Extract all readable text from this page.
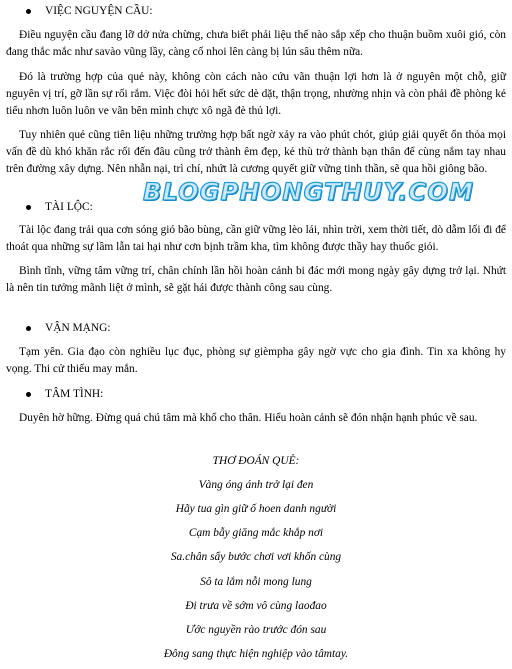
VIỆC NGUYỆN CẦU:
Điều nguyện cầu đang lỡ dở nửa chừng, chưa biết phải liệu thế nào sắp xếp cho thuận buồm xuôi gió, còn đang thắc mắc như savào vũng lầy, càng cố nhoi lên càng bị lún sâu thêm nữa.
Đó là trường hợp của quẻ này, không còn cách nào cứu vãn thuận lợi hơn là ở nguyên một chỗ, giữ nguyên vị trí, gỡ lần sự rối rắm. Việc đòi hỏi hết sức dè dặt, thận trọng, nhường nhịn và còn phải đề phòng kẻ tiểu nhơn luôn luôn ve vãn bên mình chực xô ngã đè thủ lợi.
Tuy nhiên quẻ cũng tiên liệu những trường hợp bất ngờ xảy ra vào phút chót, giúp giải quyết ổn thỏa mọi vấn đề dù khó khăn rắc rối đến đâu cũng trở thành êm đẹp, kẻ thù trở thành bạn thân để cùng nắm tay nhau trên đường xây dựng. Nên nhẫn nại, trì chí, nhứt là cương quyết giữ vững tinh thần, sẽ qua hồi giông bão.
BLOGPHONGTHUY.COM
TÀI LỘC:
Tài lộc đang trải qua cơn sóng gió bão bùng, cần giữ vững lèo lái, nhìn trời, xem thời tiết, dò dẫm lối đi để thoát qua những sự lầm lẫn tai hại như cơn bịnh trầm kha, tìm không được thầy hay thuốc giỏi.
Bình tĩnh, vững tâm vững trí, chân chính lần hồi hoàn cảnh bi đác mới mong ngày gây dựng trở lại. Nhứt là nên tin tưởng mãnh liệt ở mình, sẽ gặt hái được thành công sau cùng.
VẬN MẠNG:
Tạm yên. Gia đạo còn nghiều lục đục, phòng sự gièmpha gây ngờ vực cho gia đình. Tin xa không hy vọng. Thi cử thiếu may mắn.
TÂM TÌNH:
Duyên hờ hững. Đừng quá chú tâm mà khổ cho thân. Hiểu hoàn cảnh sẽ đón nhận hạnh phúc về sau.
THƠ ĐOÁN QUẺ:
Vàng óng ánh trở lại đen
Hãy tua gìn giữ ố hoen danh người
Cạm bẫy giăng mắc khắp nơi
Sa.chân sẩy bước chơi vơi khốn cùng
Sô ta lắm nỗi mong lung
Đi trưa về sớm vô cùng laođao
Ước nguyền rào trước đón sau
Đông sang thực hiện nghiệp vào tâmtay.
